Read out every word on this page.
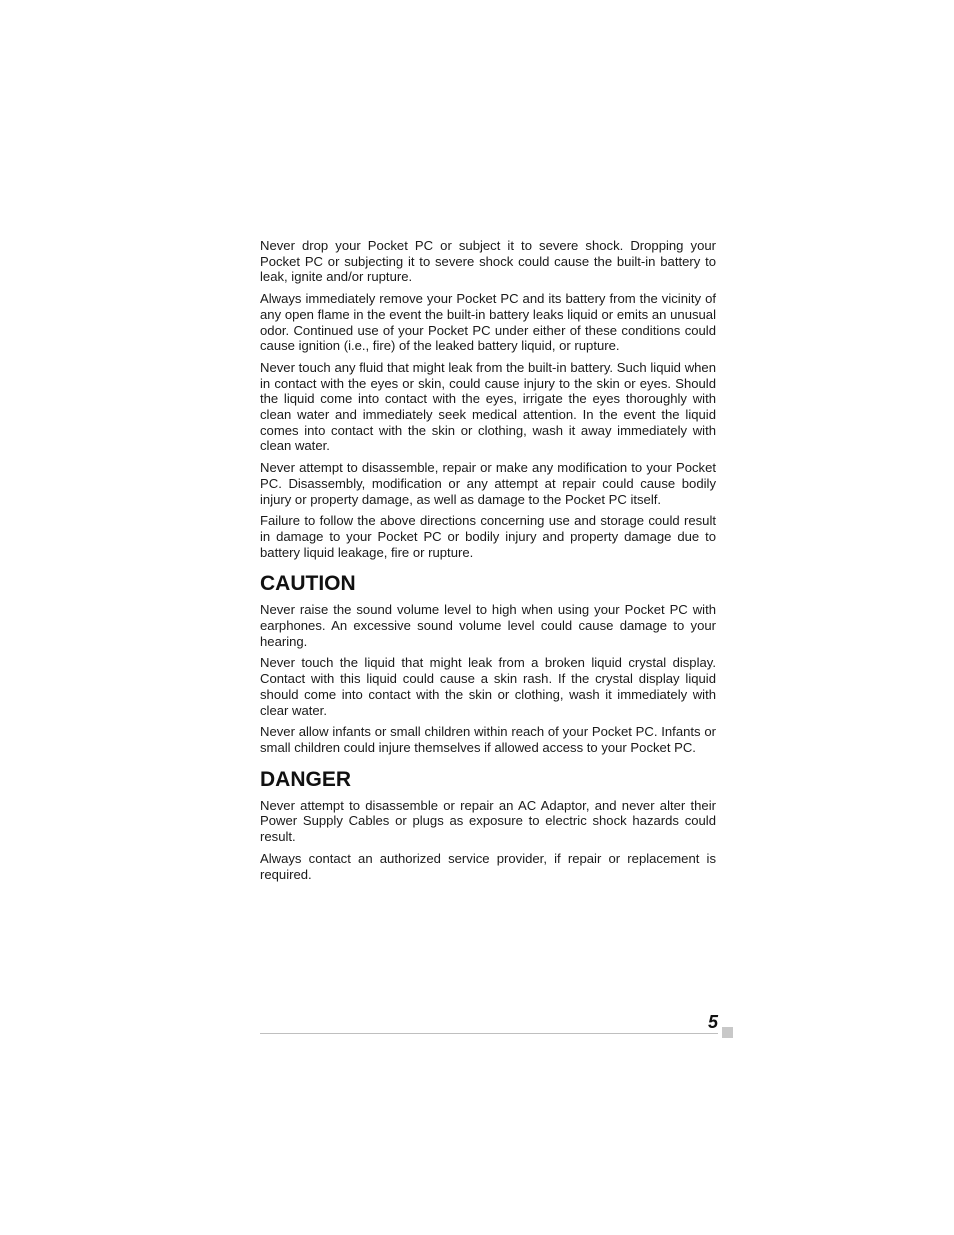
Never drop your Pocket PC or subject it to severe shock. Dropping your Pocket PC or subjecting it to severe shock could cause the built-in battery to leak, ignite and/or rupture.

Always immediately remove your Pocket PC and its battery from the vicinity of any open flame in the event the built-in battery leaks liquid or emits an unusual odor. Continued use of your Pocket PC under either of these conditions could cause ignition (i.e., fire) of the leaked battery liquid, or rupture.

Never touch any fluid that might leak from the built-in battery. Such liquid when in contact with the eyes or skin, could cause injury to the skin or eyes. Should the liquid come into contact with the eyes, irrigate the eyes thoroughly with clean water and immediately seek medical attention. In the event the liquid comes into contact with the skin or clothing, wash it away immediately with clean water.

Never attempt to disassemble, repair or make any modification to your Pocket PC. Disassembly, modification or any attempt at repair could cause bodily injury or property damage, as well as damage to the Pocket PC itself.

Failure to follow the above directions concerning use and storage could result in damage to your Pocket PC or bodily injury and property damage due to battery liquid leakage, fire or rupture.

CAUTION

Never raise the sound volume level to high when using your Pocket PC with earphones. An excessive sound volume level could cause damage to your hearing.

Never touch the liquid that might leak from a broken liquid crystal display. Contact with this liquid could cause a skin rash. If the crystal display liquid should come into contact with the skin or clothing, wash it immediately with clear water.

Never allow infants or small children within reach of your Pocket PC. Infants or small children could injure themselves if allowed access to your Pocket PC.

DANGER

Never attempt to disassemble or repair an AC Adaptor, and never alter their Power Supply Cables or plugs as exposure to electric shock hazards could result.

Always contact an authorized service provider, if repair or replacement is required.

5
